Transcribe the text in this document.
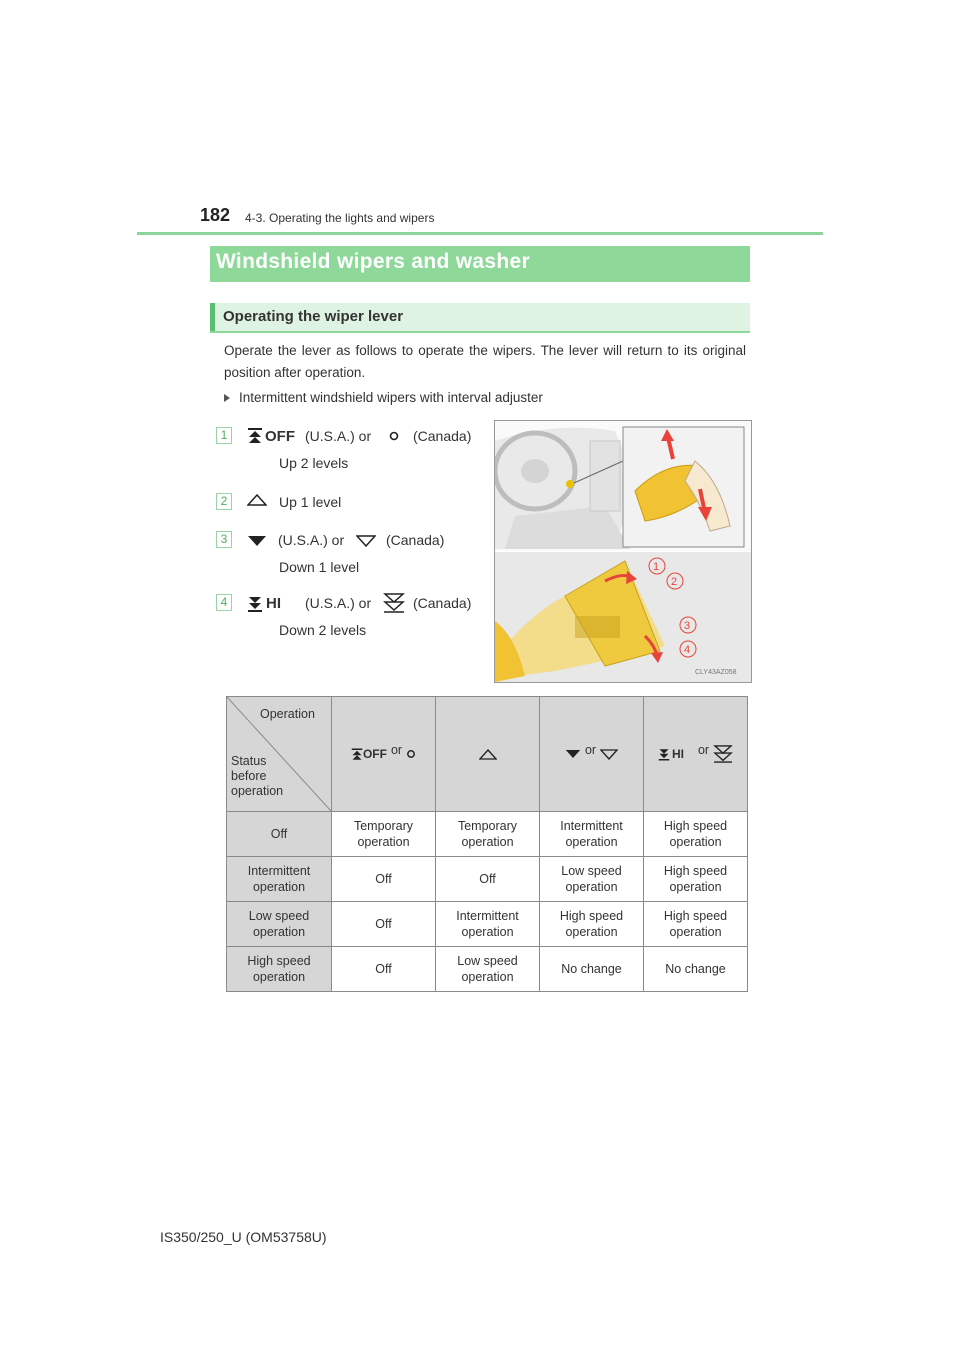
182 4-3. Operating the lights and wipers
Windshield wipers and washer
Operating the wiper lever
Operate the lever as follows to operate the wipers. The lever will return to its original position after operation.
Intermittent windshield wipers with interval adjuster
1	OFF (U.S.A.) or	(Canada)
Up 2 levels
2	Up 1 level
3	(U.S.A.) or	(Canada)
Down 1 level
4	HI (U.S.A.) or	(Canada)
Down 2 levels
1
2
3
4
CLY43AZ058
Operation
Status
before
operation	OFF or		or	HI or
Off	Temporary operation	Temporary operation	Intermittent operation	High speed operation
Intermittent operation	Off	Off	Low speed operation	High speed operation
Low speed operation	Off	Intermittent operation	High speed operation	High speed operation
High speed operation	Off	Low speed operation	No change	No change
IS350/250_U (OM53758U)
